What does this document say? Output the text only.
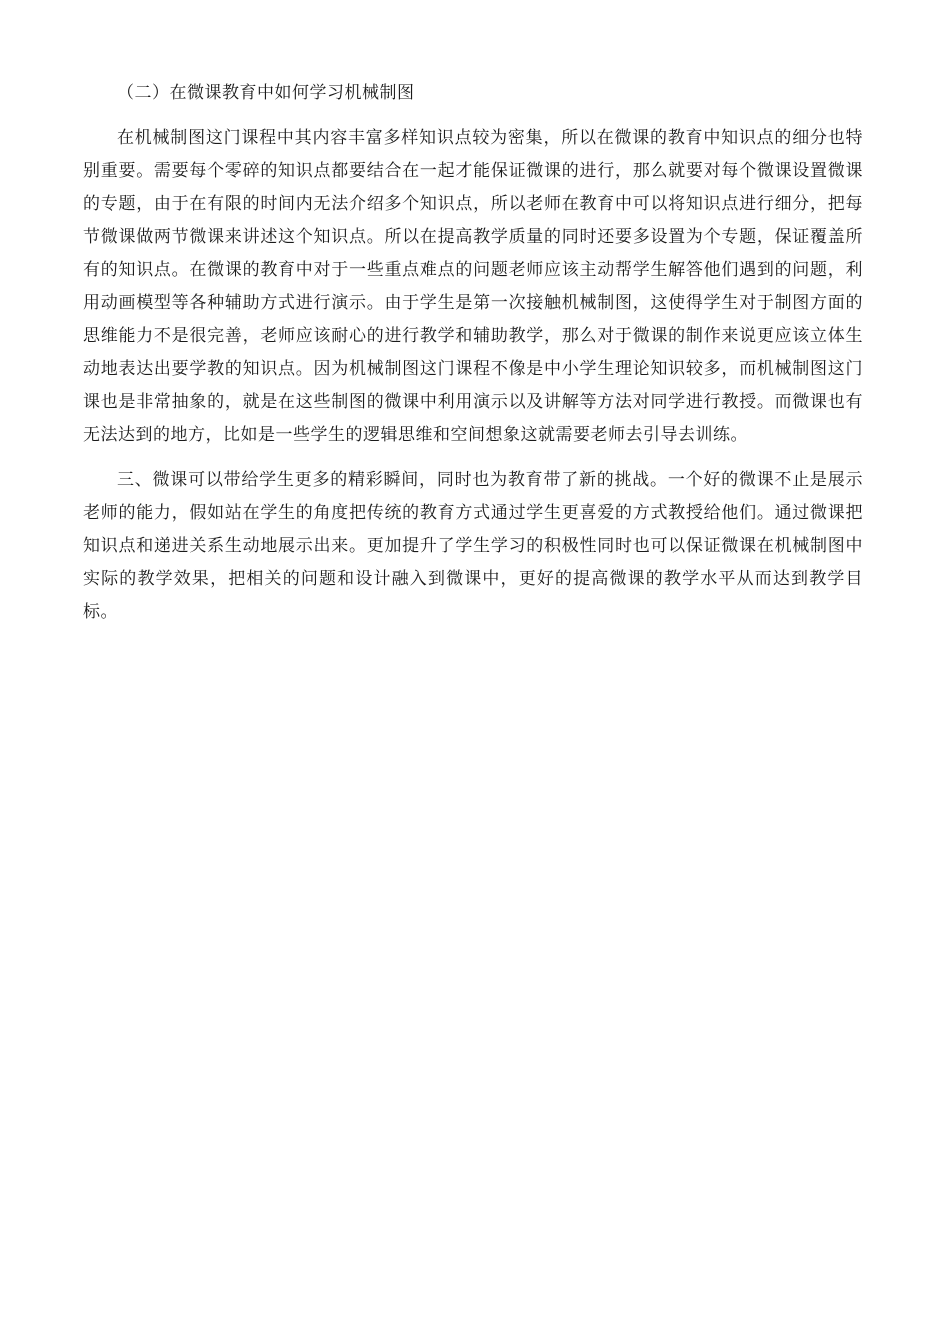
（二）在微课教育中如何学习机械制图

在机械制图这门课程中其内容丰富多样知识点较为密集，所以在微课的教育中知识点的细分也特别重要。需要每个零碎的知识点都要结合在一起才能保证微课的进行，那么就要对每个微课设置微课的专题，由于在有限的时间内无法介绍多个知识点，所以老师在教育中可以将知识点进行细分，把每节微课做两节微课来讲述这个知识点。所以在提高教学质量的同时还要多设置为个专题，保证覆盖所有的知识点。在微课的教育中对于一些重点难点的问题老师应该主动帮学生解答他们遇到的问题，利用动画模型等各种辅助方式进行演示。由于学生是第一次接触机械制图，这使得学生对于制图方面的思维能力不是很完善，老师应该耐心的进行教学和辅助教学，那么对于微课的制作来说更应该立体生动地表达出要学教的知识点。因为机械制图这门课程不像是中小学生理论知识较多，而机械制图这门课也是非常抽象的，就是在这些制图的微课中利用演示以及讲解等方法对同学进行教授。而微课也有无法达到的地方，比如是一些学生的逻辑思维和空间想象这就需要老师去引导去训练。

三、微课可以带给学生更多的精彩瞬间，同时也为教育带了新的挑战。一个好的微课不止是展示老师的能力，假如站在学生的角度把传统的教育方式通过学生更喜爱的方式教授给他们。通过微课把知识点和递进关系生动地展示出来。更加提升了学生学习的积极性同时也可以保证微课在机械制图中实际的教学效果，把相关的问题和设计融入到微课中，更好的提高微课的教学水平从而达到教学目标。
